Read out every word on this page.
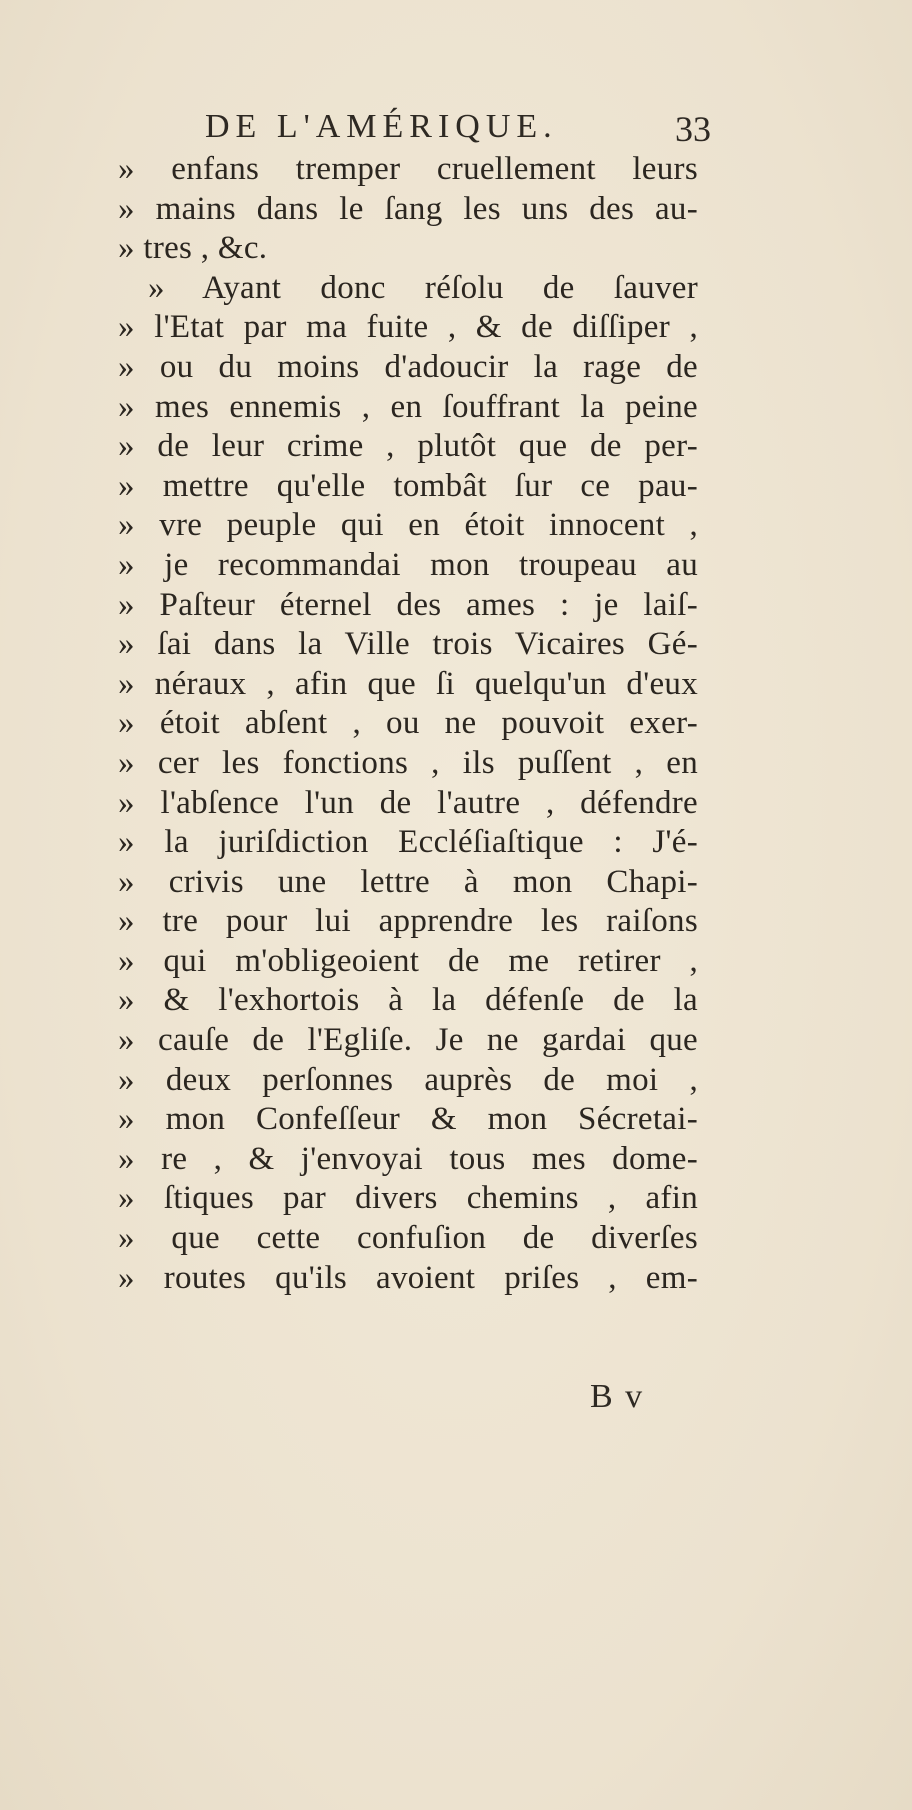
DE L'AMÉRIQUE.	33
» enfans tremper cruellement leurs
» mains dans le ſang les uns des au-
» tres , &c.
» Ayant donc réſolu de ſauver
» l'Etat par ma fuite , & de diſſiper ,
» ou du moins d'adoucir la rage de
» mes ennemis , en ſouffrant la peine
» de leur crime , plutôt que de per-
» mettre qu'elle tombât ſur ce pau-
» vre peuple qui en étoit innocent ,
» je recommandai mon troupeau au
» Paſteur éternel des ames : je laiſ-
» ſai dans la Ville trois Vicaires Gé-
» néraux , afin que ſi quelqu'un d'eux
» étoit abſent , ou ne pouvoit exer-
» cer les fonctions , ils puſſent , en
» l'abſence l'un de l'autre , défendre
» la juriſdiction Eccléſiaſtique : J'é-
» crivis une lettre à mon Chapi-
» tre pour lui apprendre les raiſons
» qui m'obligeoient de me retirer ,
» & l'exhortois à la défenſe de la
» cauſe de l'Egliſe. Je ne gardai que
» deux perſonnes auprès de moi ,
» mon Confeſſeur & mon Sécretai-
» re , & j'envoyai tous mes dome-
» ſtiques par divers chemins , afin
» que cette confuſion de diverſes
» routes qu'ils avoient priſes , em-
B v
